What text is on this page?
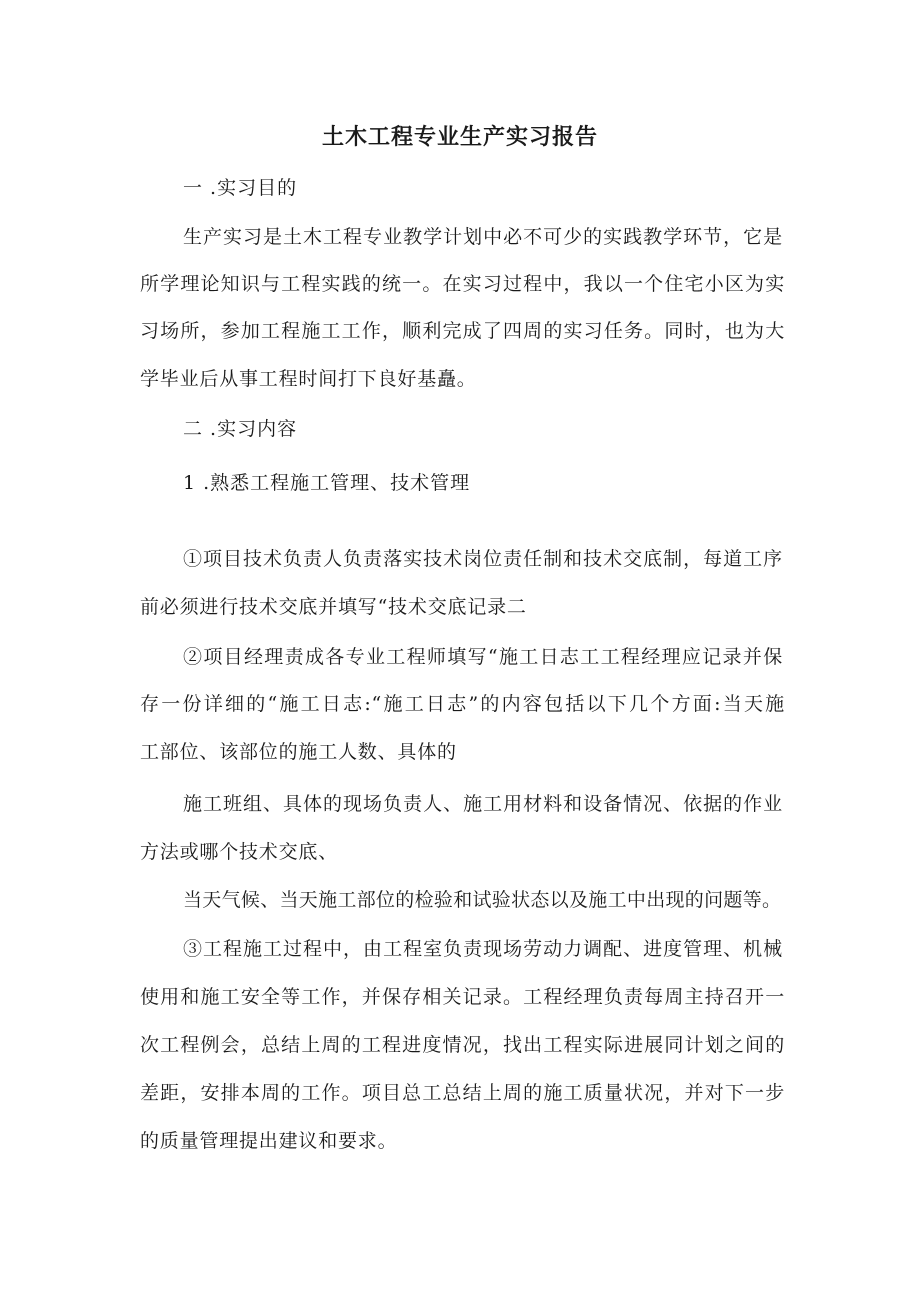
土木工程专业生产实习报告
一 .实习目的
生产实习是土木工程专业教学计划中必不可少的实践教学环节，它是
所学理论知识与工程实践的统一。在实习过程中，我以一个住宅小区为实
习场所，参加工程施工工作，顺利完成了四周的实习任务。同时，也为大
学毕业后从事工程时间打下良好基矗。
二 .实习内容
1 .熟悉工程施工管理、技术管理
①项目技术负责人负责落实技术岗位责任制和技术交底制，每道工序
前必须进行技术交底并填写“技术交底记录二
②项目经理责成各专业工程师填写“施工日志工工程经理应记录并保
存一份详细的“施工日志:“施工日志”的内容包括以下几个方面:当天施
工部位、该部位的施工人数、具体的
施工班组、具体的现场负责人、施工用材料和设备情况、依据的作业
方法或哪个技术交底、
当天气候、当天施工部位的检验和试验状态以及施工中出现的问题等。
③工程施工过程中，由工程室负责现场劳动力调配、进度管理、机械
使用和施工安全等工作，并保存相关记录。工程经理负责每周主持召开一
次工程例会，总结上周的工程进度情况，找出工程实际进展同计划之间的
差距，安排本周的工作。项目总工总结上周的施工质量状况，并对下一步
的质量管理提出建议和要求。
